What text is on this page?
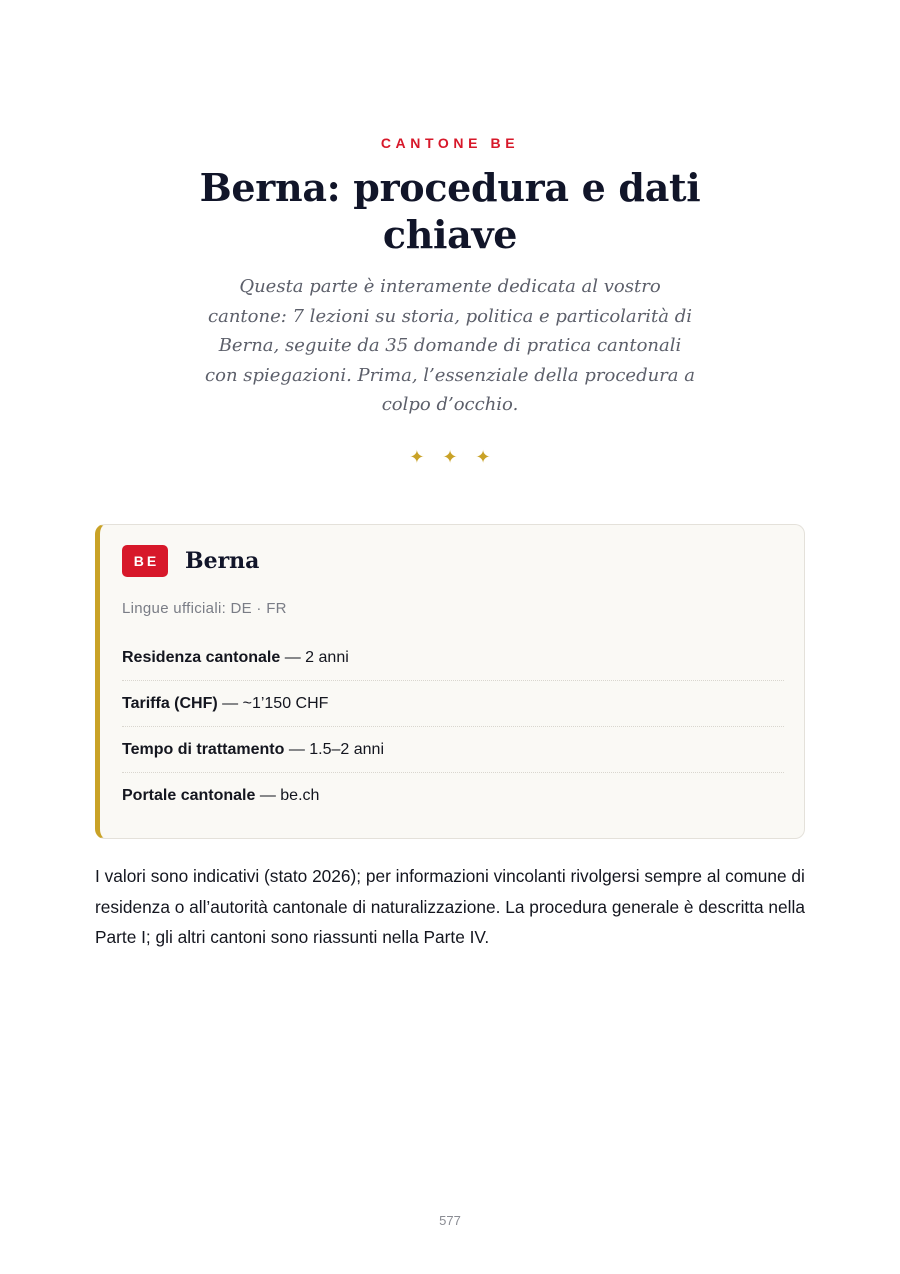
CANTONE BE
Berna: procedura e dati chiave

Questa parte è interamente dedicata al vostro cantone: 7 lezioni su storia, politica e particolarità di Berna, seguite da 35 domande di pratica cantonali con spiegazioni. Prima, l’essenziale della procedura a colpo d’occhio.

✦✦✦
BE	Berna
Lingue ufficiali: DE · FR
Residenza cantonale — 2 anni
Tariffa (CHF) — ~1’150 CHF
Tempo di trattamento — 1.5–2 anni
Portale cantonale — be.ch

I valori sono indicativi (stato 2026); per informazioni vincolanti rivolgersi sempre al comune di residenza o all’autorità cantonale di naturalizzazione. La procedura generale è descritta nella Parte I; gli altri cantoni sono riassunti nella Parte IV.

577
